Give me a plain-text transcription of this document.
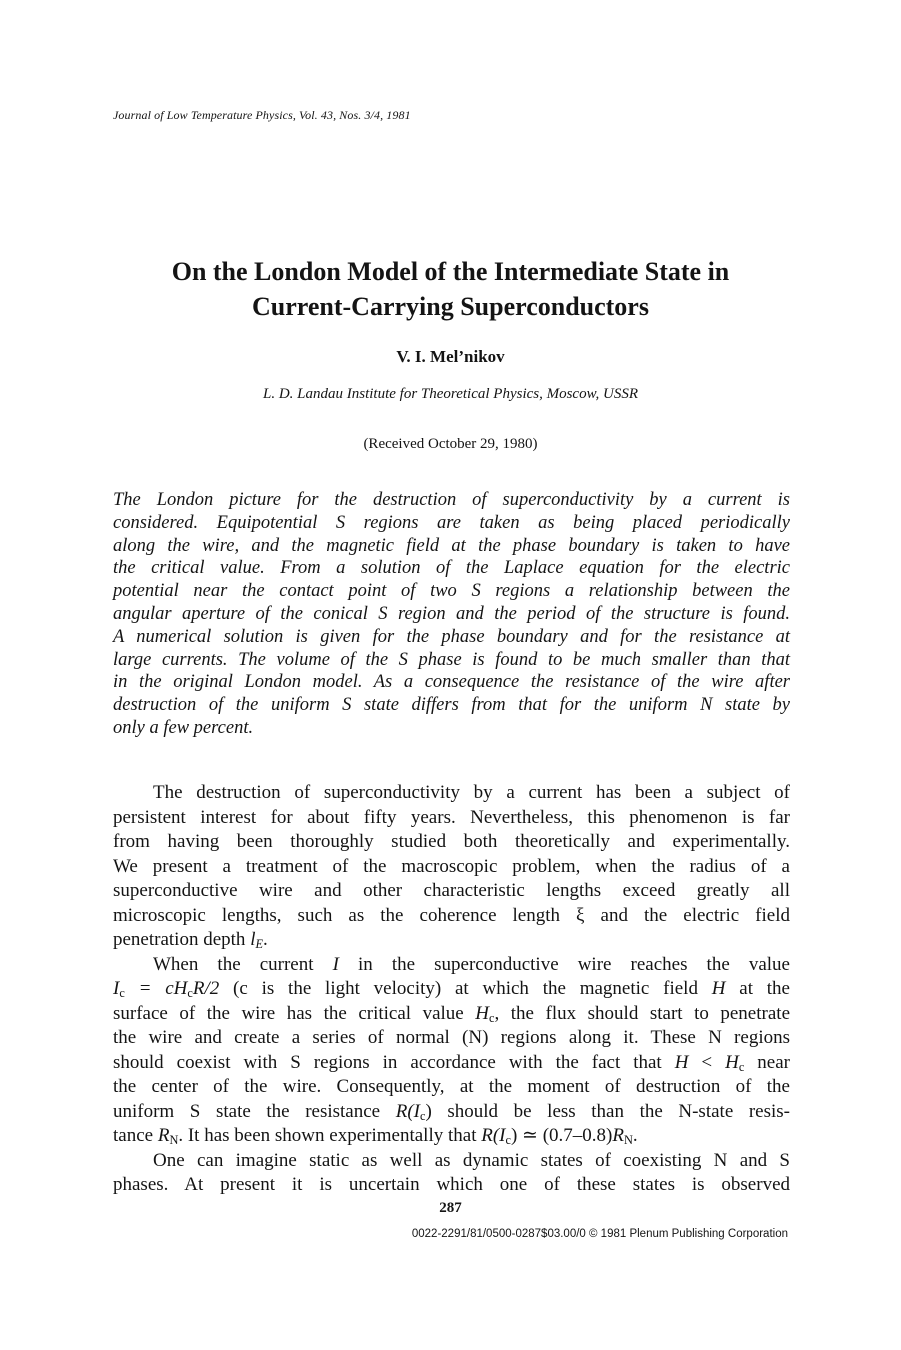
Journal of Low Temperature Physics, Vol. 43, Nos. 3/4, 1981
On the London Model of the Intermediate State in
Current-Carrying Superconductors
V. I. Mel’nikov
L. D. Landau Institute for Theoretical Physics, Moscow, USSR
(Received October 29, 1980)
The London picture for the destruction of superconductivity by a current is
considered. Equipotential S regions are taken as being placed periodically
along the wire, and the magnetic field at the phase boundary is taken to have
the critical value. From a solution of the Laplace equation for the electric
potential near the contact point of two S regions a relationship between the
angular aperture of the conical S region and the period of the structure is found.
A numerical solution is given for the phase boundary and for the resistance at
large currents. The volume of the S phase is found to be much smaller than that
in the original London model. As a consequence the resistance of the wire after
destruction of the uniform S state differs from that for the uniform N state by
only a few percent.
The destruction of superconductivity by a current has been a subject of
persistent interest for about fifty years. Nevertheless, this phenomenon is far
from having been thoroughly studied both theoretically and experimentally.
We present a treatment of the macroscopic problem, when the radius of a
superconductive wire and other characteristic lengths exceed greatly all
microscopic lengths, such as the coherence length ξ and the electric field
penetration depth $l_E$.
When the current I in the superconductive wire reaches the value
$I_c = cH_cR/2$ (c is the light velocity) at which the magnetic field H at the
surface of the wire has the critical value $H_c$, the flux should start to penetrate
the wire and create a series of normal (N) regions along it. These N regions
should coexist with S regions in accordance with the fact that $H < H_c$ near
the center of the wire. Consequently, at the moment of destruction of the
uniform S state the resistance $R(I_c)$ should be less than the N-state resis-
tance $R_N$. It has been shown experimentally that $R(I_c)$ ≃ $(0.7-0.8)R_N$.
One can imagine static as well as dynamic states of coexisting N and S
phases. At present it is uncertain which one of these states is observed
287
0022-2291/81/0500-0287$03.00/0 © 1981 Plenum Publishing Corporation
